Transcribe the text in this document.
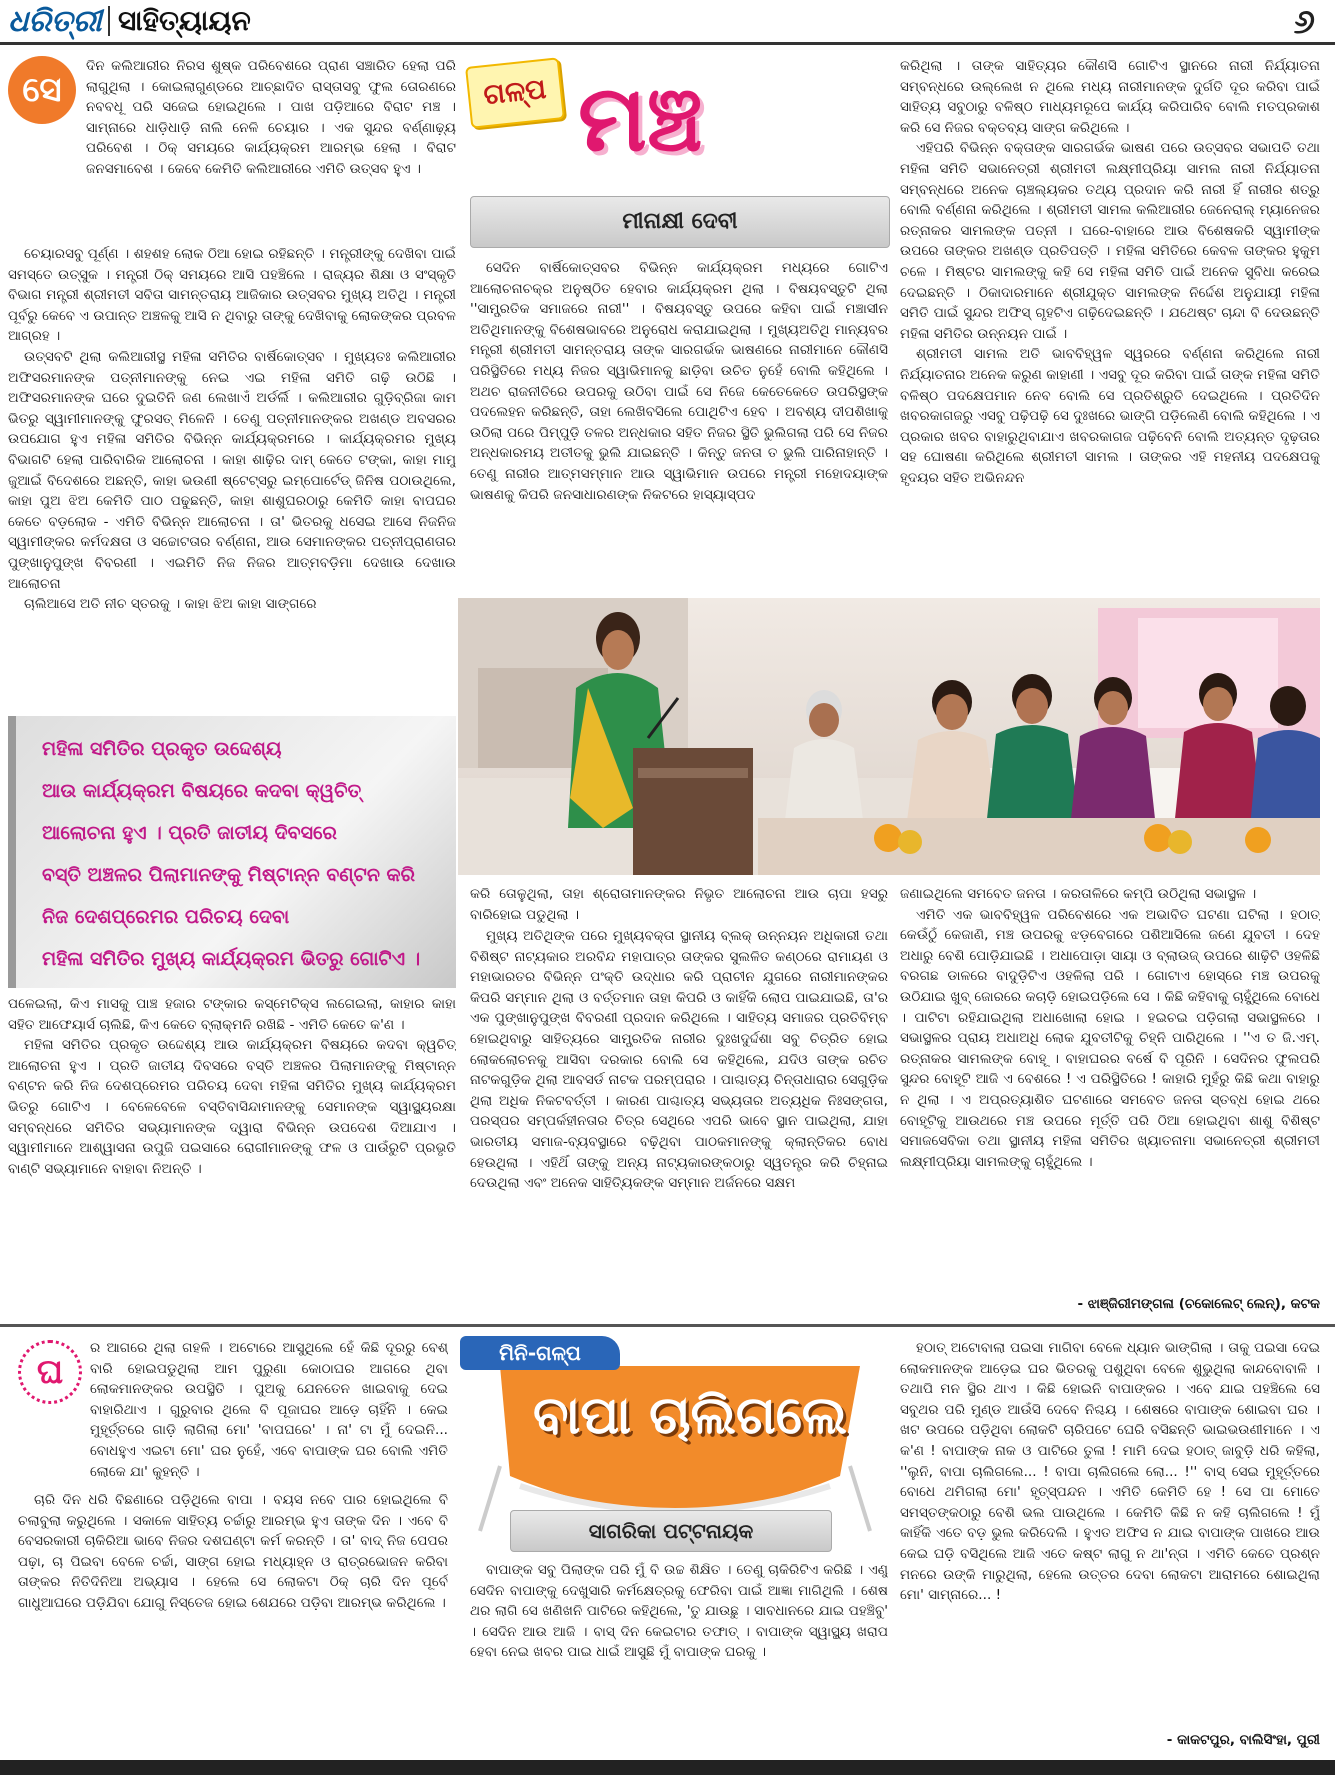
ଧରିତ୍ରୀ ସାହିତ୍ୟାୟନ	୬
ସେ

ଦିନ କଲିଆରୀର ନିରସ ଶୁଷ୍କ ପରିବେଶରେ ପ୍ରାଣ ସଞ୍ଚାରିତ ହେଲା ପରି ଲାଗୁଥିଲା । କୋଇଲାଗୁଣ୍ଡରେ ଆଚ୍ଛାଦିତ ରାସ୍ତାସବୁ ଫୁଲ ତୋରଣରେ ନବବଧୂ ପରି ସଜେଇ ହୋଇଥିଲେ । ପାଖ ପଡ଼ିଆରେ ବିରାଟ ମଞ୍ଚ । ସାମ୍ନାରେ ଧାଡ଼ିଧାଡ଼ି ନାଲି ନେଳି ଚେୟାର । ଏକ ସୁନ୍ଦର ବର୍ଣ୍ଣାଢ଼୍ୟ ପରିବେଶ । ଠିକ୍ ସମୟରେ କାର୍ଯ୍ୟକ୍ରମ ଆରମ୍ଭ ହେଲା । ବିରାଟ ଜନସମାବେଶ । କେବେ କେମିତି କଲିଆରୀରେ ଏମିତି ଉତ୍ସବ ହୁଏ ।

ଚେୟାରସବୁ ପୂର୍ଣ୍ଣ । ଶହଶହ ଲୋକ ଠିଆ ହୋଇ ରହିଛନ୍ତି । ମନ୍ତ୍ରୀଙ୍କୁ ଦେଖିବା ପାଇଁ ସମସ୍ତେ ଉତ୍ସୁକ । ମନ୍ତ୍ରୀ ଠିକ୍ ସମୟରେ ଆସି ପହଞ୍ଚିଲେ । ରାଜ୍ୟର ଶିକ୍ଷା ଓ ସଂସ୍କୃତି ବିଭାଗ ମନ୍ତ୍ରୀ ଶ୍ରୀମତୀ ସବିତା ସାମନ୍ତରାୟ ଆଜିକାର ଉତ୍ସବର ମୁଖ୍ୟ ଅତିଥି । ମନ୍ତ୍ରୀ ପୂର୍ବରୁ କେବେ ଏ ଉପାନ୍ତ ଅଞ୍ଚଳକୁ ଆସି ନ ଥିବାରୁ ତାଙ୍କୁ ଦେଖିବାକୁ ଲୋକଙ୍କର ପ୍ରବଳ ଆଗ୍ରହ ।

ଉତ୍ସବଟି ଥିଲା କଲିଆରୀସ୍ଥ ମହିଳା ସମିତିର ବାର୍ଷିକୋତ୍ସବ । ମୁଖ୍ୟତଃ କଲିଆରୀର ଅଫିସରମାନଙ୍କ ପତ୍ନୀମାନଙ୍କୁ ନେଇ ଏଇ ମହିଳା ସମିତି ଗଢ଼ି ଉଠିଛି । ଅଫିସରମାନଙ୍କ ଘରେ ଦୁଇତିନି ଜଣ ଲେଖାଏଁ ଅର୍ଡର୍ଲି । କଲିଆରୀର ଗୁଡ଼ିବ୍ରିଜା କାମ ଭିତରୁ ସ୍ୱାମୀମାନଙ୍କୁ ଫୁରସତ୍ ମିଳେନି । ତେଣୁ ପତ୍ନୀମାନଙ୍କର ଅଖଣ୍ଡ ଅବସରର ଉପଯୋଗ ହୁଏ ମହିଳା ସମିତିର ବିଭିନ୍ନ କାର୍ଯ୍ୟକ୍ରମରେ । କାର୍ଯ୍ୟକ୍ରମର ମୁଖ୍ୟ ବିଭାଗଟି ହେଲା ପାରିବାରିକ ଆଲୋଚନା । କାହା ଶାଢ଼ିର ଦାମ୍ କେତେ ଟଙ୍କା, କାହା ମାମୁ ଜୁଆଇଁ ବିଦେଶରେ ଅଛନ୍ତି, କାହା ଭଉଣୀ ଷ୍ଟେଟ୍ସରୁ ଇମ୍ପୋର୍ଟେଡ୍ ଜିନିଷ ପଠାଉଥିଲେ, କାହା ପୁଅ ଝିଅ କେମିତି ପାଠ ପଢୁଛନ୍ତି, କାହା ଶାଶୁଘରଠାରୁ କେମିତି କାହା ବାପଘର କେତେ ବଡ଼ଲୋକ - ଏମିତି ବିଭିନ୍ନ ଆଲୋଚନା । ତା' ଭିତରକୁ ଧସେଇ ଆସେ ନିଜନିଜ ସ୍ୱାମୀଙ୍କର କର୍ମଦକ୍ଷତା ଓ ସଚ୍ଚୋଟତାର ବର୍ଣ୍ଣନା, ଆଉ ସେମାନଙ୍କର ପତ୍ନୀପ୍ରାଣତାର ପୁଙ୍ଖାନୁପୁଙ୍ଖ ବିବରଣୀ । ଏଇମିତି ନିଜ ନିଜର ଆତ୍ମବଡ଼ିମା ଦେଖାଉ ଦେଖାଉ ଆଲୋଚନା

ଚାଲିଆସେ ଅତି ନୀଚ ସ୍ତରକୁ । କାହା ଝିଅ କାହା ସାଙ୍ଗରେ

ମହିଳା ସମିତିର ପ୍ରକୃତ ଉଦ୍ଦେଶ୍ୟ
ଆଉ କାର୍ଯ୍ୟକ୍ରମ ବିଷୟରେ କଦବା କ୍ୱଚିତ୍
ଆଲୋଚନା ହୁଏ । ପ୍ରତି ଜାତୀୟ ଦିବସରେ
ବସ୍ତି ଅଞ୍ଚଳର ପିଲାମାନଙ୍କୁ ମିଷ୍ଟାନ୍ନ ବଣ୍ଟନ କରି
ନିଜ ଦେଶପ୍ରେମର ପରିଚୟ ଦେବା
ମହିଳା ସମିତିର ମୁଖ୍ୟ କାର୍ଯ୍ୟକ୍ରମ ଭିତରୁ ଗୋଟିଏ ।

ପଳେଇଲା, କିଏ ମାସକୁ ପାଞ୍ଚ ହଜାର ଟଙ୍କାର କସ୍ମେଟିକ୍ସ ଲଗେଇଲା, କାହାର କାହା ସହିତ ଆଫେୟାର୍ସ ଚାଲିଛି, କିଏ କେତେ ବ୍ଲାକ୍‌ମନି ରଖିଛି - ଏମିତି କେତେ କ'ଣ ।

ମହିଳା ସମିତିର ପ୍ରକୃତ ଉଦ୍ଦେଶ୍ୟ ଆଉ କାର୍ଯ୍ୟକ୍ରମ ବିଷୟରେ କଦବା କ୍ୱଚିତ୍ ଆଲୋଚନା ହୁଏ । ପ୍ରତି ଜାତୀୟ ଦିବସରେ ବସ୍ତି ଅଞ୍ଚଳର ପିଲାମାନଙ୍କୁ ମିଷ୍ଟାନ୍ନ ବଣ୍ଟନ କରି ନିଜ ଦେଶପ୍ରେମର ପରିଚୟ ଦେବା ମହିଳା ସମିତିର ମୁଖ୍ୟ କାର୍ଯ୍ୟକ୍ରମ ଭିତରୁ ଗୋଟିଏ । ବେଳେବେଳେ ବସ୍ତିବାସିନ୍ଦାମାନଙ୍କୁ ସେମାନଙ୍କ ସ୍ୱାସ୍ଥ୍ୟରକ୍ଷା ସମ୍ବନ୍ଧରେ ସମିତିର ସଭ୍ୟାମାନଙ୍କ ଦ୍ୱାରା ବିଭିନ୍ନ ଉପଦେଶ ଦିଆଯାଏ । ସ୍ୱାମୀମାନେ ଆଶ୍ୱାସନା ଉପୁଜି ପଇସାରେ ରୋଗୀମାନଙ୍କୁ ଫଳ ଓ ପାଉଁରୁଟି ପ୍ରଭୃତି ବାଣ୍ଟି ସଭ୍ୟାମାନେ ବାହାବା ନିଅନ୍ତି ।

ଗଳ୍ପ ମଞ୍ଚ
ମୀନାକ୍ଷୀ ଦେବୀ

ସେଦିନ ବାର୍ଷିକୋତ୍ସବର ବିଭିନ୍ନ କାର୍ଯ୍ୟକ୍ରମ ମଧ୍ୟରେ ଗୋଟିଏ ଆଲୋଚନାଚକ୍ର ଅନୁଷ୍ଠିତ ହେବାର କାର୍ଯ୍ୟକ୍ରମ ଥିଲା । ବିଷୟବସ୍ତୁଟି ଥିଲା ''ସାମ୍ପ୍ରତିକ ସମାଜରେ ନାରୀ'' । ବିଷୟବସ୍ତୁ ଉପରେ କହିବା ପାଇଁ ମଞ୍ଚାସୀନ ଅତିଥିମାନଙ୍କୁ ବିଶେଷଭାବରେ ଅନୁରୋଧ କରାଯାଇଥିଲା । ମୁଖ୍ୟଅତିଥି ମାନ୍ୟବର ମନ୍ତ୍ରୀ ଶ୍ରୀମତୀ ସାମନ୍ତରାୟ ତାଙ୍କ ସାରଗର୍ଭକ ଭାଷଣରେ ନାରୀମାନେ କୌଣସି ପରିସ୍ଥିତିରେ ମଧ୍ୟ ନିଜର ସ୍ୱାଭିମାନକୁ ଛାଡ଼ିବା ଉଚିତ ନୁହେଁ ବୋଲି କହିଥିଲେ । ଅଥଚ ରାଜନୀତିରେ ଉପରକୁ ଉଠିବା ପାଇଁ ସେ ନିଜେ କେତେକେତେ ଉପରିସ୍ଥଙ୍କ ପଦଲେହନ କରିଛନ୍ତି, ତାହା ଲେଖିବସିଲେ ପୋଥିଟିଏ ହେବ । ଅବଶ୍ୟ ଦୀପଶିଖାକୁ ଉଠିଲା ପରେ ପିମ୍ପୁଡ଼ି ତଳର ଅନ୍ଧକାର ସହିତ ନିଜର ସ୍ଥିତି ଭୁଲିଗଲା ପରି ସେ ନିଜର ଅନ୍ଧକାରମୟ ଅତୀତକୁ ଭୁଲି ଯାଇଛନ୍ତି । କିନ୍ତୁ ଜନତା ତ ଭୁଲି ପାରିନାହାନ୍ତି । ତେଣୁ ନାରୀର ଆତ୍ମସମ୍ମାନ ଆଉ ସ୍ୱାଭିମାନ ଉପରେ ମନ୍ତ୍ରୀ ମହୋଦୟାଙ୍କ ଭାଷଣକୁ କିପରି ଜନସାଧାରଣଙ୍କ ନିକଟରେ ହାସ୍ୟାସ୍ପଦ

କରି ତୋଳୁଥିଲା, ତାହା ଶ୍ରୋତାମାନଙ୍କର ନିଭୃତ ଆଲୋଚନା ଆଉ ଚାପା ହସରୁ ବାରିହୋଇ ପଡୁଥିଲା ।

ମୁଖ୍ୟ ଅତିଥିଙ୍କ ପରେ ମୁଖ୍ୟବକ୍ତା ସ୍ଥାନୀୟ ବ୍ଲକ୍ ଉନ୍ନୟନ ଅଧିକାରୀ ତଥା ବିଶିଷ୍ଟ ନାଟ୍ୟକାର ଅରବିନ୍ଦ ମହାପାତ୍ର ତାଙ୍କର ସୁଲଳିତ କଣ୍ଠରେ ରାମାୟଣ ଓ ମହାଭାରତର ବିଭିନ୍ନ ପଂକ୍ତି ଉଦ୍ଧାର କରି ପ୍ରାଚୀନ ଯୁଗରେ ନାରୀମାନଙ୍କର କିପରି ସମ୍ମାନ ଥିଲା ଓ ବର୍ତ୍ତମାନ ତାହା କିପରି ଓ କାହିଁକି ଲୋପ ପାଇଯାଇଛି, ତା'ର ଏକ ପୁଙ୍ଖାନୁପୁଙ୍ଖ ବିବରଣୀ ପ୍ରଦାନ କରିଥିଲେ । ସାହିତ୍ୟ ସମାଜର ପ୍ରତିବିମ୍ବ ହୋଇଥିବାରୁ ସାହିତ୍ୟରେ ସାମ୍ପ୍ରତିକ ନାରୀର ଦୁଃଖଦୁର୍ଦ୍ଦଶା ସବୁ ଚିତ୍ରିତ ହୋଇ ଲୋକଲୋଚନକୁ ଆସିବା ଦରକାର ବୋଲି ସେ କହିଥିଲେ, ଯଦିଓ ତାଙ୍କ ରଚିତ ନାଟକଗୁଡ଼ିକ ଥିଲା ଆବସର୍ଡ ନାଟକ ପରମ୍ପରାର । ପାଶ୍ଚାତ୍ୟ ଚିନ୍ତାଧାରାର ସେଗୁଡ଼ିକ ଥିଲା ଅଧିକ ନିକଟବର୍ତ୍ତୀ । କାରଣ ପାଶ୍ଚାତ୍ୟ ସଭ୍ୟତାର ଅତ୍ୟଧିକ ନିଃସଙ୍ଗତା, ପରସ୍ପର ସମ୍ପର୍କହୀନତାର ଚିତ୍ର ସେଥିରେ ଏପରି ଭାବେ ସ୍ଥାନ ପାଇଥିଲା, ଯାହା ଭାରତୀୟ ସମାଜ-ବ୍ୟବସ୍ଥାରେ ବଢ଼ିଥିବା ପାଠକମାନଙ୍କୁ କ୍ଲାନ୍ତିକର ବୋଧ ହେଉଥିଲା । ଏହିଥିଁ ତାଙ୍କୁ ଅନ୍ୟ ନାଟ୍ୟକାରଙ୍କଠାରୁ ସ୍ୱତନ୍ତ୍ର କରି ଚିହ୍ନାଇ ଦେଉଥିଲା ଏବଂ ଅନେକ ସାହିତ୍ୟିକଙ୍କ ସମ୍ମାନ ଅର୍ଜନରେ ସକ୍ଷମ

କରିଥିଲା । ତାଙ୍କ ସାହିତ୍ୟର କୌଣସି ଗୋଟିଏ ସ୍ଥାନରେ ନାରୀ ନିର୍ଯ୍ୟାତନା ସମ୍ବନ୍ଧରେ ଉଲ୍ଲେଖ ନ ଥିଲେ ମଧ୍ୟ ନାରୀମାନଙ୍କ ଦୁର୍ଗତି ଦୂର କରିବା ପାଇଁ ସାହିତ୍ୟ ସବୁଠାରୁ ବଳିଷ୍ଠ ମାଧ୍ୟମରୂପେ କାର୍ଯ୍ୟ କରିପାରିବ ବୋଲି ମତପ୍ରକାଶ କରି ସେ ନିଜର ବକ୍ତବ୍ୟ ସାଙ୍ଗ କରିଥିଲେ ।

ଏହିପରି ବିଭିନ୍ନ ବକ୍ତାଙ୍କ ସାରଗର୍ଭକ ଭାଷଣ ପରେ ଉତ୍ସବର ସଭାପତି ତଥା ମହିଳା ସମିତି ସଭାନେତ୍ରୀ ଶ୍ରୀମତୀ ଲକ୍ଷ୍ମୀପ୍ରିୟା ସାମଲ ନାରୀ ନିର୍ଯ୍ୟାତନା ସମ୍ବନ୍ଧରେ ଅନେକ ଚାଞ୍ଚଲ୍ୟକର ତଥ୍ୟ ପ୍ରଦାନ କରି ନାରୀ ହିଁ ନାରୀର ଶତ୍ରୁ ବୋଲି ବର୍ଣ୍ଣନା କରିଥିଲେ । ଶ୍ରୀମତୀ ସାମଲ କଲିଆରୀର ଜେନେରାଲ୍ ମ୍ୟାନେଜର ରତ୍ନାକର ସାମଲଙ୍କ ପତ୍ନୀ । ଘରେ-ବାହାରେ ଆଉ ବିଶେଷକରି ସ୍ୱାମୀଙ୍କ ଉପରେ ତାଙ୍କର ଅଖଣ୍ଡ ପ୍ରତିପତ୍ତି । ମହିଳା ସମିତିରେ କେବଳ ତାଙ୍କର ହୁକୁମ ଚଳେ । ମିଷ୍ଟର ସାମଲଙ୍କୁ କହି ସେ ମହିଳା ସମିତି ପାଇଁ ଅନେକ ସୁବିଧା କରେଇ ଦେଇଛନ୍ତି । ଠିକାଦାରମାନେ ଶ୍ରୀଯୁକ୍ତ ସାମଲଙ୍କ ନିର୍ଦ୍ଦେଶ ଅନୁଯାୟୀ ମହିଳା ସମିତି ପାଇଁ ସୁନ୍ଦର ଅଫିସ୍ ଗୃହଟିଏ ଗଢ଼ିଦେଇଛନ୍ତି । ଯଥେଷ୍ଟ ଚାନ୍ଦା ବି ଦେଉଛନ୍ତି ମହିଳା ସମିତିର ଉନ୍ନୟନ ପାଇଁ ।

ଶ୍ରୀମତୀ ସାମଲ ଅତି ଭାବବିହ୍ୱଳ ସ୍ୱରରେ ବର୍ଣ୍ଣନା କରିଥିଲେ ନାରୀ ନିର୍ଯ୍ୟାତନାର ଅନେକ କରୁଣ କାହାଣୀ । ଏସବୁ ଦୂର କରିବା ପାଇଁ ତାଙ୍କ ମହିଳା ସମିତି ବଳିଷ୍ଠ ପଦକ୍ଷେପମାନ ନେବ ବୋଲି ସେ ପ୍ରତିଶ୍ରୁତି ଦେଇଥିଲେ । ପ୍ରତିଦିନ ଖବରକାଗଜରୁ ଏସବୁ ପଢ଼ିପଢ଼ି ସେ ଦୁଃଖରେ ଭାଙ୍ଗି ପଡ଼ିଲେଣି ବୋଲି କହିଥିଲେ । ଏ ପ୍ରକାର ଖବର ବାହାରୁଥିବାଯାଏ ଖବରକାଗଜ ପଢ଼ିବେନି ବୋଲି ଅତ୍ୟନ୍ତ ଦୃଢ଼ତାର ସହ ଘୋଷଣା କରିଥିଲେ ଶ୍ରୀମତୀ ସାମଲ । ତାଙ୍କର ଏହି ମହନୀୟ ପଦକ୍ଷେପକୁ ହୃଦୟର ସହିତ ଅଭିନନ୍ଦନ

ଜଣାଇଥିଲେ ସମବେତ ଜନତା । କରତାଳିରେ କମ୍ପି ଉଠିଥିଲା ସଭାସ୍ଥଳ ।

ଏମିତି ଏକ ଭାବବିହ୍ୱଳ ପରିବେଶରେ ଏକ ଅଭାବିତ ଘଟଣା ଘଟିଲା । ହଠାତ୍ କେଉଁଠୁଁ କେଜାଣି, ମଞ୍ଚ ଉପରକୁ ଝଡ଼ବେଗରେ ପଶିଆସିଲେ ଜଣେ ଯୁବତୀ । ଦେହ ଅଧାରୁ ବେଶି ପୋଡ଼ିଯାଇଛି । ଅଧାପୋଡ଼ା ସାୟା ଓ ବ୍ଲାଉଜ୍ ଉପରେ ଶାଢ଼ିଟି ଓହଳିଛି ବରଗଛ ଡାଳରେ ବାଦୁଡ଼ିଟିଏ ଓହଳିଲା ପରି । ଗୋଟାଏ ହୋସ୍‌ରେ ମଞ୍ଚ ଉପରକୁ ଉଠିଯାଇ ଖୁବ୍ ଜୋରରେ କଚାଡ଼ି ହୋଇପଡ଼ିଲେ ସେ । କିଛି କହିବାକୁ ଚାହୁଁଥିଲେ ବୋଧେ । ପାଟିଟା ରହିଯାଇଥିଲା ଅଧାଖୋଲା ହୋଇ । ହଇଚଇ ପଡ଼ିଗଲା ସଭାସ୍ଥଳରେ । ସଭାସ୍ଥଳର ପ୍ରାୟ ଅଧାଅଧି ଲୋକ ଯୁବତୀଟିକୁ ଚିହ୍ନି ପାରିଥିଲେ । ''ଏ ତ ଜି.ଏମ୍. ରତ୍ନାକର ସାମଲଙ୍କ ବୋହୂ । ବାହାଘରର ବର୍ଷେ ବି ପୂରିନି । ସେଦିନର ଫୁଲପରି ସୁନ୍ଦର ବୋହୂଟି ଆଜି ଏ ବେଶରେ ! ଏ ପରିସ୍ଥିତିରେ ! କାହାରି ମୁହଁରୁ କିଛି କଥା ବାହାରୁ ନ ଥିଲା । ଏ ଅପ୍ରତ୍ୟାଶିତ ଘଟଣାରେ ସମବେତ ଜନତା ସ୍ତବ୍ଧ ହୋଇ ଥରେ ବୋହୂଟିକୁ ଆଉଥରେ ମଞ୍ଚ ଉପରେ ମୂର୍ତ୍ତି ପରି ଠିଆ ହୋଇଥିବା ଶାଶୁ ବିଶିଷ୍ଟ ସମାଜସେବିକା ତଥା ସ୍ଥାନୀୟ ମହିଳା ସମିତିର ଖ୍ୟାତନାମା ସଭାନେତ୍ରୀ ଶ୍ରୀମତୀ ଲକ୍ଷ୍ମୀପ୍ରିୟା ସାମଲଙ୍କୁ ଚାହୁଁଥିଲେ ।

- ଝାଞ୍ଜିରୀମଙ୍ଗଳା (ଚକୋଲେଟ୍ ଲେନ୍), କଟକ
ଘ

ର ଆଗରେ ଥିଲା ଗହଳି । ଅଟୋରେ ଆସୁଥିଲେ ହେଁ କିଛି ଦୂରରୁ ବେଶ୍ ବାରି ହୋଇପଡୁଥିଲା ଆମ ପୁରୁଣା କୋଠାଘର ଆଗରେ ଥିବା ଲୋକମାନଙ୍କର ଉପସ୍ଥିତି । ପୁଅକୁ ଯେନତେନ ଖାଇବାକୁ ଦେଇ ବାହାରିଥାଏ । ଗୁରୁବାର ଥିଲେ ବି ପୂଜାଘର ଆଡ଼େ ଚାହିଁନି । କେଇ ମୁହୂର୍ତ୍ତରେ ଗାଡ଼ି ଲାଗିଲା ମୋ' 'ବାପଘରେ' । ନା' ଟା ମୁଁ ଦେଇନି... ବୋଧହୁଏ ଏଇଟା ମୋ' ଘର ନୁହେଁ, ଏବେ ବାପାଙ୍କ ଘର ବୋଲି ଏମିତି ଲୋକେ ଯା' କୁହନ୍ତି ।

ଚାରି ଦିନ ଧରି ବିଛଣାରେ ପଡ଼ିଥିଲେ ବାପା । ବୟସ ନବେ ପାର ହୋଇଥିଲେ ବି ଚଲାବୁଲା କରୁଥିଲେ । ସକାଳେ ସାହିତ୍ୟ ଚର୍ଚ୍ଚାରୁ ଆରମ୍ଭ ହୁଏ ତାଙ୍କ ଦିନ । ଏବେ ବି ବେସରକାରୀ ଚାକିରିଆ ଭାବେ ନିଜର ଦଶଘଣ୍ଟା କର୍ମ କରନ୍ତି । ତା' ବାଦ୍ ନିଜ ପେପର ପଢ଼ା, ଚା ପିଇବା ବେଳେ ଚର୍ଚ୍ଚା, ସାଙ୍ଗ ହୋଇ ମଧ୍ୟାହ୍ନ ଓ ରାତ୍ରଭୋଜନ କରିବା ତାଙ୍କର ନିତିଦିନିଆ ଅଭ୍ୟାସ । ହେଲେ ସେ ଲୋକଟା ଠିକ୍ ଚାରି ଦିନ ପୂର୍ବେ ଗାଧୁଆଘରେ ପଡ଼ିଯିବା ଯୋଗୁ ନିସ୍ତେଜ ହୋଇ ଶେଯରେ ପଡ଼ିବା ଆରମ୍ଭ କରିଥିଲେ ।

ମିନି-ଗଳ୍ପ
ବାପା ଚାଲିଗଲେ
ସାଗରିକା ପଟ୍ଟନାୟକ

ବାପାଙ୍କ ସବୁ ପିଲାଙ୍କ ପରି ମୁଁ ବି ଉଚ୍ଚ ଶିକ୍ଷିତ । ତେଣୁ ଚାକିରିଟିଏ କରିଛି । ଏଣୁ ସେଦିନ ବାପାଙ୍କୁ ଦେଖୁସାରି କର୍ମକ୍ଷେତ୍ରକୁ ଫେରିବା ପାଇଁ ଆଜ୍ଞା ମାଗିଥିଲି । ଶେଷ ଥର ଲାଗି ସେ ଖଣିଖନି ପାଟିରେ କହିଥିଲେ, 'ତୁ ଯାଉଛୁ । ସାବଧାନରେ ଯାଇ ପହଞ୍ଚିବୁ' । ସେଦିନ ଆଉ ଆଜି । ବାସ୍ ଦିନ କେଇଟାର ତଫାତ୍ । ବାପାଙ୍କ ସ୍ୱାସ୍ଥ୍ୟ ଖରାପ ହେବା ନେଇ ଖବର ପାଇ ଧାଇଁ ଆସୁଛି ମୁଁ ବାପାଙ୍କ ଘରକୁ ।

ହଠାତ୍ ଅଟୋବାଲା ପଇସା ମାଗିବା ବେଳେ ଧ୍ୟାନ ଭାଙ୍ଗିଲା । ତାକୁ ପଇସା ଦେଇ ଲୋକମାନଙ୍କ ଆଡ଼େଇ ଘର ଭିତରକୁ ପଶୁଥିବା ବେଳେ ଶୁଭୁଥିଲା କାନ୍ଦବୋବାଳି । ତଥାପି ମନ ସ୍ଥିର ଥାଏ । କିଛି ହୋଇନି ବାପାଙ୍କର । ଏବେ ଯାଇ ପହଞ୍ଚିଲେ ସେ ସବୁଥର ପରି ମୁଣ୍ଡ ଆଉଁସି ଦେବେ ନିଶ୍ଚୟ । ଶେଷରେ ବାପାଙ୍କ ଶୋଇବା ଘର । ଖଟ ଉପରେ ପଡ଼ିଥିବା ଲୋକଟି ଚାରିପଟେ ଘେରି ବସିଛନ୍ତି ଭାଇଭଉଣୀମାନେ । ଏ କ'ଣ ! ବାପାଙ୍କ ନାକ ଓ ପାଟିରେ ତୁଳା ! ମାମି ଦେଇ ହଠାତ୍ ଜାବୁଡ଼ି ଧରି କହିଲା, ''ଲୁନି, ବାପା ଚାଲିଗଲେ... ! ବାପା ଚାଲିଗଲେ ଲୋ... !'' ବାସ୍ ସେଇ ମୁହୂର୍ତ୍ତରେ ବୋଧେ ଥମିଗଲା ମୋ' ହୃତ୍‌ସ୍ପନ୍ଦନ । ଏମିତି କେମିତି ହେ ! ସେ ପା ମୋତେ ସମସ୍ତଙ୍କଠାରୁ ବେଶି ଭଲ ପାଉଥିଲେ । କେମିତି କିଛି ନ କହି ଚାଲିଗଲେ ! ମୁଁ କାହିଁକି ଏତେ ବଡ଼ ଭୁଲ କରିଦେଲି । ହୁଏତ ଅଫିସ ନ ଯାଇ ବାପାଙ୍କ ପାଖରେ ଆଉ କେଇ ଘଡ଼ି ବସିଥିଲେ ଆଜି ଏତେ କଷ୍ଟ ଲାଗୁ ନ ଥା'ନ୍ତା । ଏମିତି କେତେ ପ୍ରଶ୍ନ ମନରେ ଉଙ୍କି ମାରୁଥିଲା, ହେଲେ ଉତ୍ତର ଦେବା ଲୋକଟା ଆରାମରେ ଶୋଇଥିଲା ମୋ' ସାମ୍ନାରେ... !

- କାକଟପୁର, ବାଲିସିଂହା, ପୁରୀ
